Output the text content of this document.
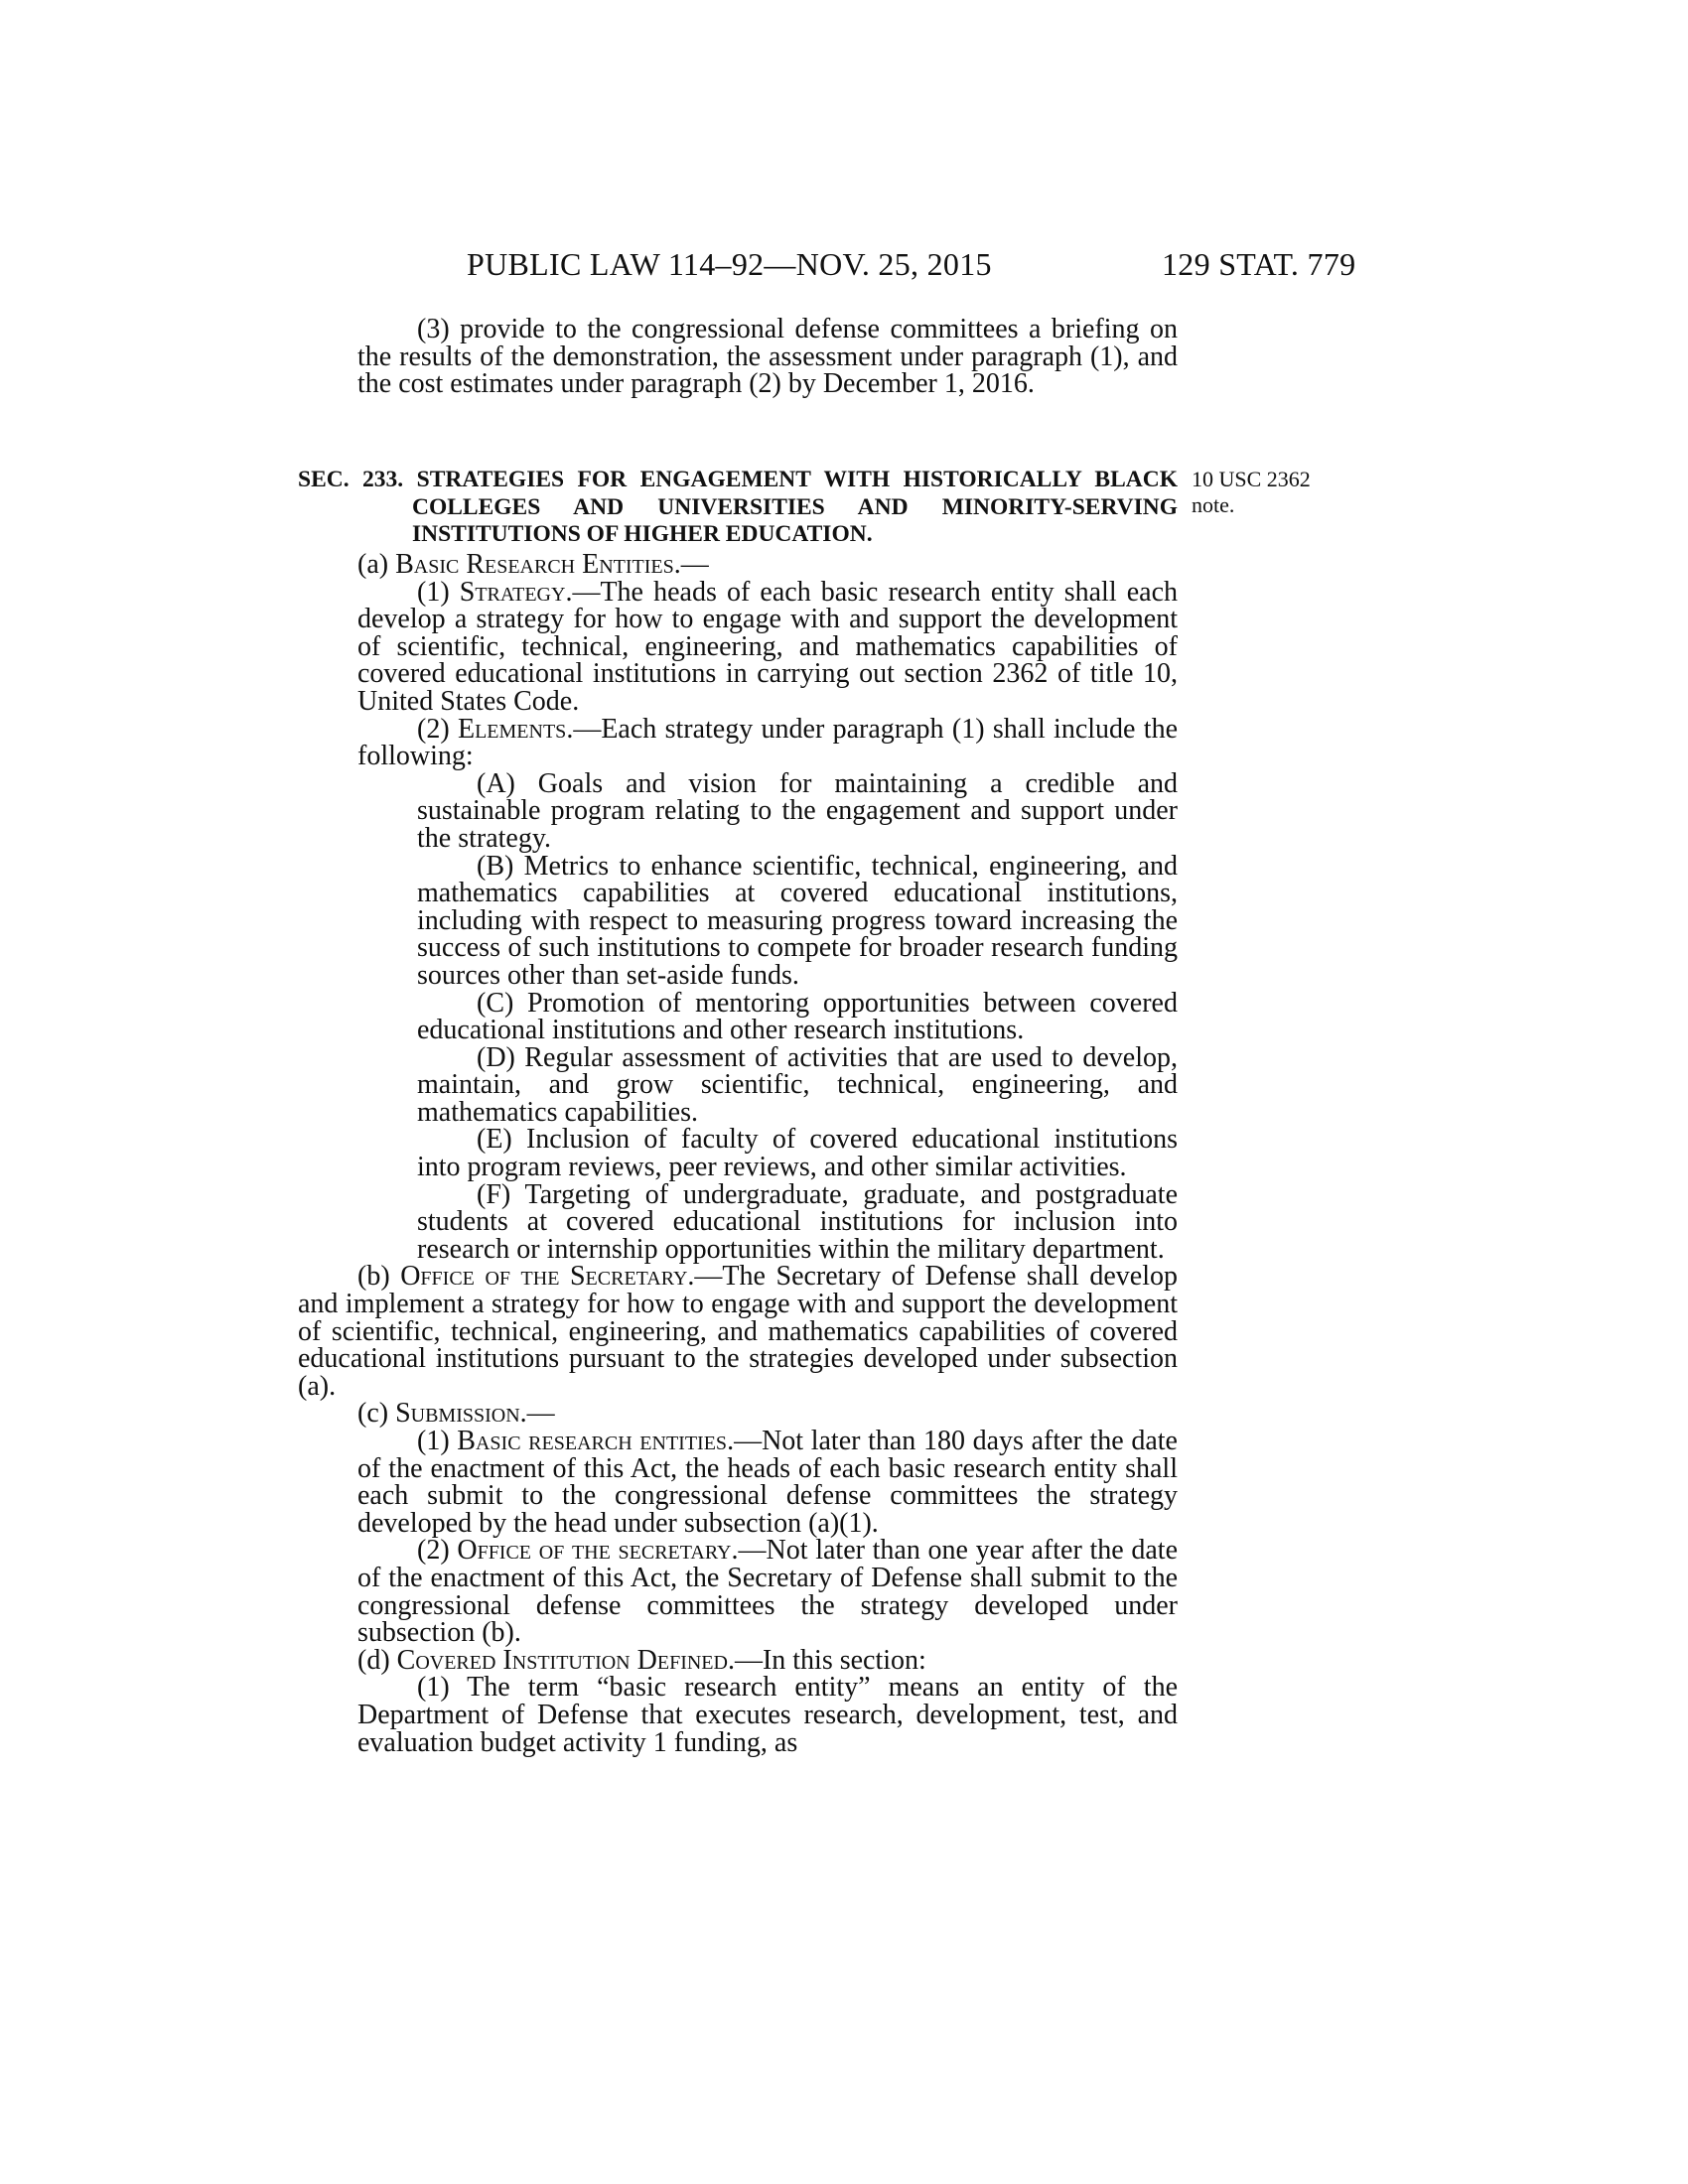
PUBLIC LAW 114–92—NOV. 25, 2015	129 STAT. 779

(3) provide to the congressional defense committees a briefing on the results of the demonstration, the assessment under paragraph (1), and the cost estimates under paragraph (2) by December 1, 2016.

SEC. 233. STRATEGIES FOR ENGAGEMENT WITH HISTORICALLY BLACK
COLLEGES AND UNIVERSITIES AND MINORITY-SERVING
INSTITUTIONS OF HIGHER EDUCATION.
10 USC 2362
note.

(a) Basic Research Entities.—

(1) Strategy.—The heads of each basic research entity shall each develop a strategy for how to engage with and support the development of scientific, technical, engineering, and mathematics capabilities of covered educational institutions in carrying out section 2362 of title 10, United States Code.

(2) Elements.—Each strategy under paragraph (1) shall include the following:

(A) Goals and vision for maintaining a credible and sustainable program relating to the engagement and support under the strategy.

(B) Metrics to enhance scientific, technical, engineering, and mathematics capabilities at covered educational institutions, including with respect to measuring progress toward increasing the success of such institutions to compete for broader research funding sources other than set-aside funds.

(C) Promotion of mentoring opportunities between covered educational institutions and other research institutions.

(D) Regular assessment of activities that are used to develop, maintain, and grow scientific, technical, engineering, and mathematics capabilities.

(E) Inclusion of faculty of covered educational institutions into program reviews, peer reviews, and other similar activities.

(F) Targeting of undergraduate, graduate, and postgraduate students at covered educational institutions for inclusion into research or internship opportunities within the military department.

(b) Office of the Secretary.—The Secretary of Defense shall develop and implement a strategy for how to engage with and support the development of scientific, technical, engineering, and mathematics capabilities of covered educational institutions pursuant to the strategies developed under subsection (a).

(c) Submission.—

(1) Basic research entities.—Not later than 180 days after the date of the enactment of this Act, the heads of each basic research entity shall each submit to the congressional defense committees the strategy developed by the head under subsection (a)(1).

(2) Office of the secretary.—Not later than one year after the date of the enactment of this Act, the Secretary of Defense shall submit to the congressional defense committees the strategy developed under subsection (b).

(d) Covered Institution Defined.—In this section:

(1) The term “basic research entity” means an entity of the Department of Defense that executes research, development, test, and evaluation budget activity 1 funding, as
